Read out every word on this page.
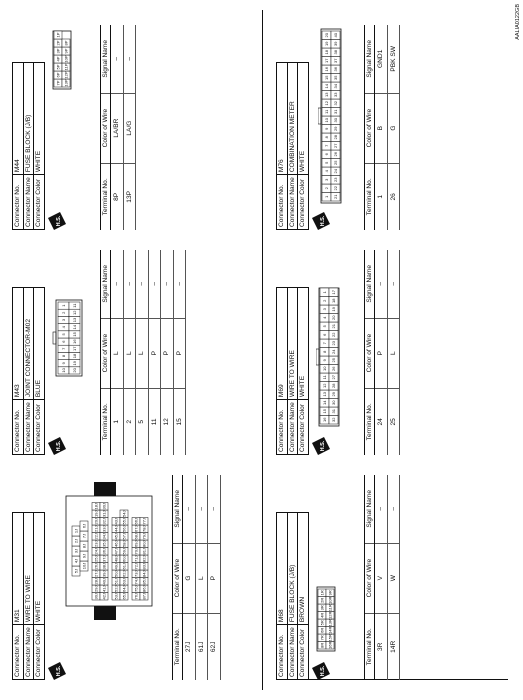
Connector No.	M31
Connector Name	WIRE TO WIRE
Connector Color	WHITE
H.S.
5J
4J
3J
2J
1J
10J
9J
8J
7J
6J
30J
29J
28J
27J
26J
25J
24J
23J
22J
21J
20J
19J
18J
42J
41J
40J
39J
38J
37J
36J
35J
34J
33J
32J
31J
30J
53J
52J
51J
50J
49J
48J
47J
46J
45J
44J
43J
65J
64J
63J
62J
61J
60J
59J
58J
57J
56J
55J
54J
76J
75J
74J
73J
72J
71J
70J
69J
68J
67J
66J
87J
86J
85J
84J
83J
82J
81J
80J
79J
78J
77J
Terminal No.	Color of Wire	Signal Name
27J	G	–
61J	L	–
62J	P	–
Connector No.	M43
Connector Name	JOINT CONNECTOR-M02
Connector Color	BLUE
H.S.
10
9
8
7
6
5
4
3
2
1
20
19
18
17
16
15
14
13
12
11
Terminal No.	Color of Wire	Signal Name
1	L	–
2	L	–
5	L	–
11	P	–
12	P	–
15	P	–
Connector No.	M44
Connector Name	FUSE BLOCK (J/B)
Connector Color	WHITE
H.S.
7P
6P
5P
4P
3P
2P
1P
13P
12P
11P
10P
9P
8P
Terminal No.	Color of Wire	Signal Name
8P	LA/BR	–
13P	LA/G	–
Connector No.	M68
Connector Name	FUSE BLOCK (J/B)
Connector Color	BROWN
H.S.
8R
7R
6R
5R
4R
3R
2R
1R
16R
15R
14R
13R
12R
11R
10R
9R
Terminal No.	Color of Wire	Signal Name
3R	V	–
14R	W	–
Connector No.	M69
Connector Name	WIRE TO WIRE
Connector Color	WHITE
H.S.
16
15
14
13
12
11
10
9
8
7
6
5
4
3
2
1
32
31
30
29
28
27
26
25
24
23
22
21
20
19
18
17
Terminal No.	Color of Wire	Signal Name
24	P	–
25	L	–
Connector No.	M76
Connector Name	COMBINATION METER
Connector Color	WHITE
H.S.
1
2
3
4
5
6
7
8
9
10
11
12
13
14
15
16
17
18
19
20
21
22
23
24
25
26
27
28
29
30
31
32
33
34
35
36
37
38
39
40
Terminal No.	Color of Wire	Signal Name
1	B	GND1
26	G	PBK SW
AALIA0122GB
